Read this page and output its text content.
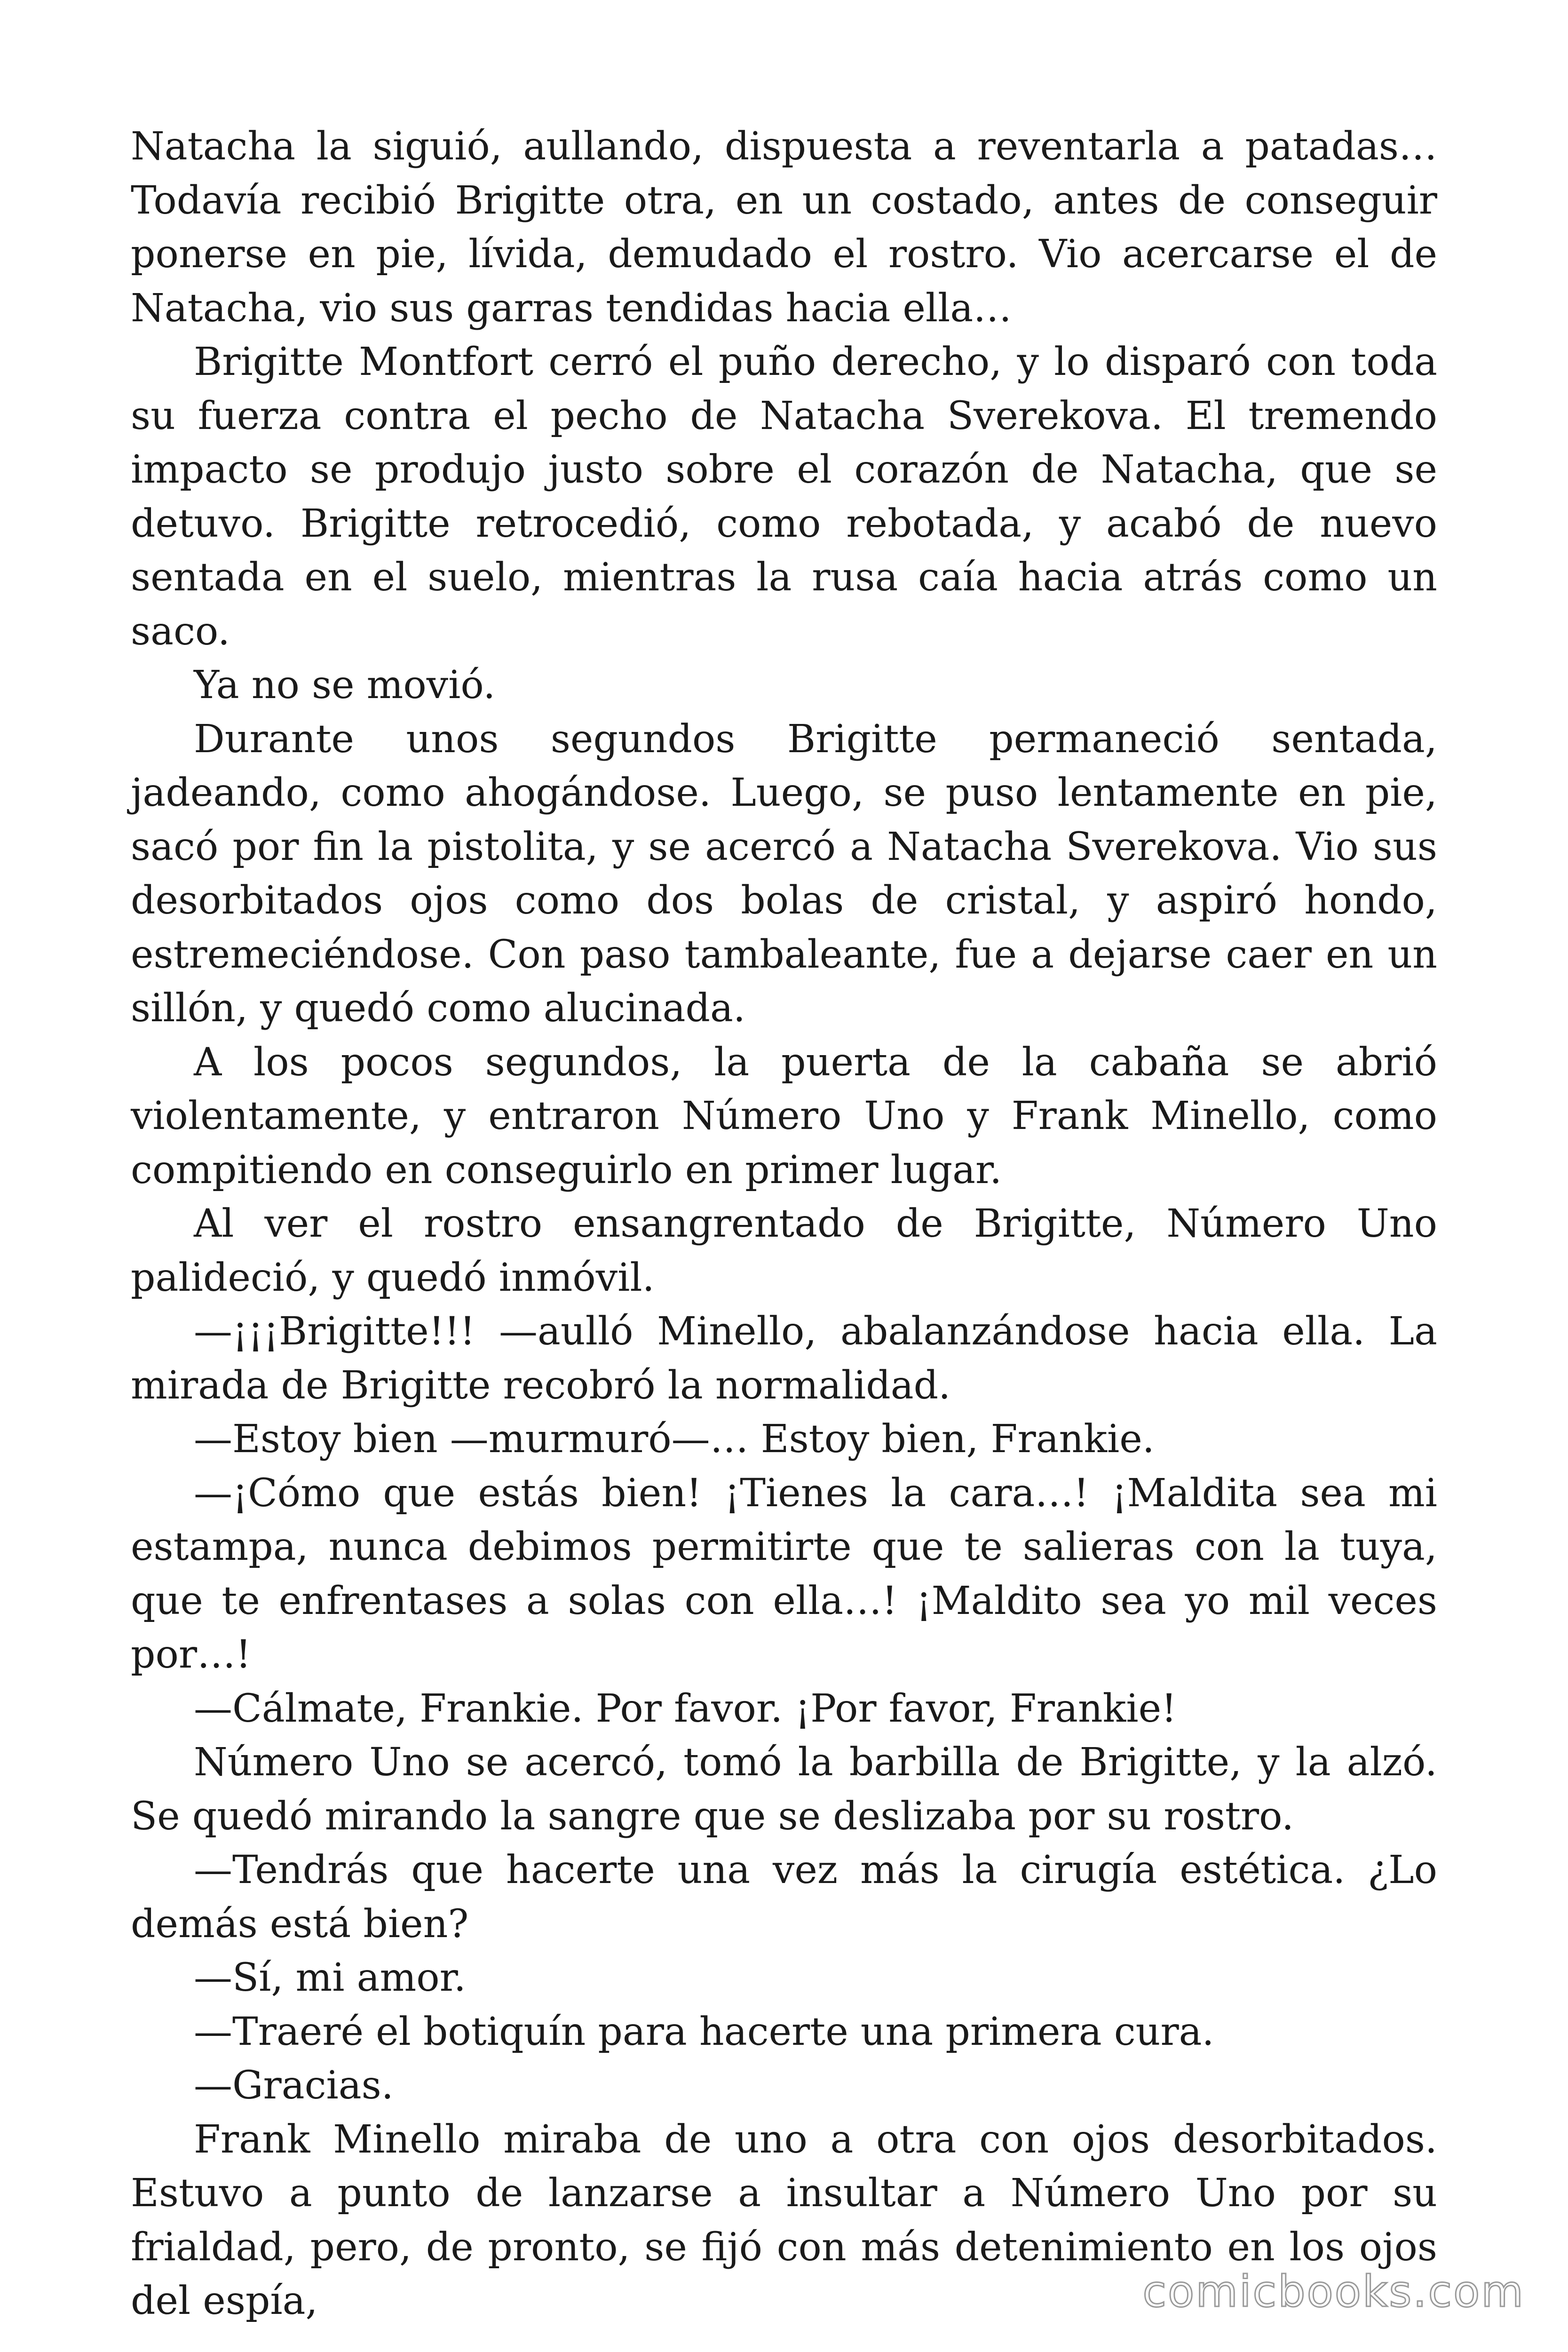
Natacha la siguió, aullando, dispuesta a reventarla a patadas… Todavía recibió Brigitte otra, en un costado, antes de conseguir ponerse en pie, lívida, demudado el rostro. Vio acercarse el de Natacha, vio sus garras tendidas hacia ella…

Brigitte Montfort cerró el puño derecho, y lo disparó con toda su fuerza contra el pecho de Natacha Sverekova. El tremendo impacto se produjo justo sobre el corazón de Natacha, que se detuvo. Brigitte retrocedió, como rebotada, y acabó de nuevo sentada en el suelo, mientras la rusa caía hacia atrás como un saco.

Ya no se movió.

Durante unos segundos Brigitte permaneció sentada, jadeando, como ahogándose. Luego, se puso lentamente en pie, sacó por fin la pistolita, y se acercó a Natacha Sverekova. Vio sus desorbitados ojos como dos bolas de cristal, y aspiró hondo, estremeciéndose. Con paso tambaleante, fue a dejarse caer en un sillón, y quedó como alucinada.

A los pocos segundos, la puerta de la cabaña se abrió violentamente, y entraron Número Uno y Frank Minello, como compitiendo en conseguirlo en primer lugar.

Al ver el rostro ensangrentado de Brigitte, Número Uno palideció, y quedó inmóvil.

—¡¡¡Brigitte!!! —aulló Minello, abalanzándose hacia ella. La mirada de Brigitte recobró la normalidad.

—Estoy bien —murmuró—… Estoy bien, Frankie.

—¡Cómo que estás bien! ¡Tienes la cara…! ¡Maldita sea mi estampa, nunca debimos permitirte que te salieras con la tuya, que te enfrentases a solas con ella…! ¡Maldito sea yo mil veces por…!

—Cálmate, Frankie. Por favor. ¡Por favor, Frankie!

Número Uno se acercó, tomó la barbilla de Brigitte, y la alzó. Se quedó mirando la sangre que se deslizaba por su rostro.

—Tendrás que hacerte una vez más la cirugía estética. ¿Lo demás está bien?

—Sí, mi amor.

—Traeré el botiquín para hacerte una primera cura.

—Gracias.

Frank Minello miraba de uno a otra con ojos desorbitados. Estuvo a punto de lanzarse a insultar a Número Uno por su frialdad, pero, de pronto, se fijó con más detenimiento en los ojos del espía,	comicbooks.com
